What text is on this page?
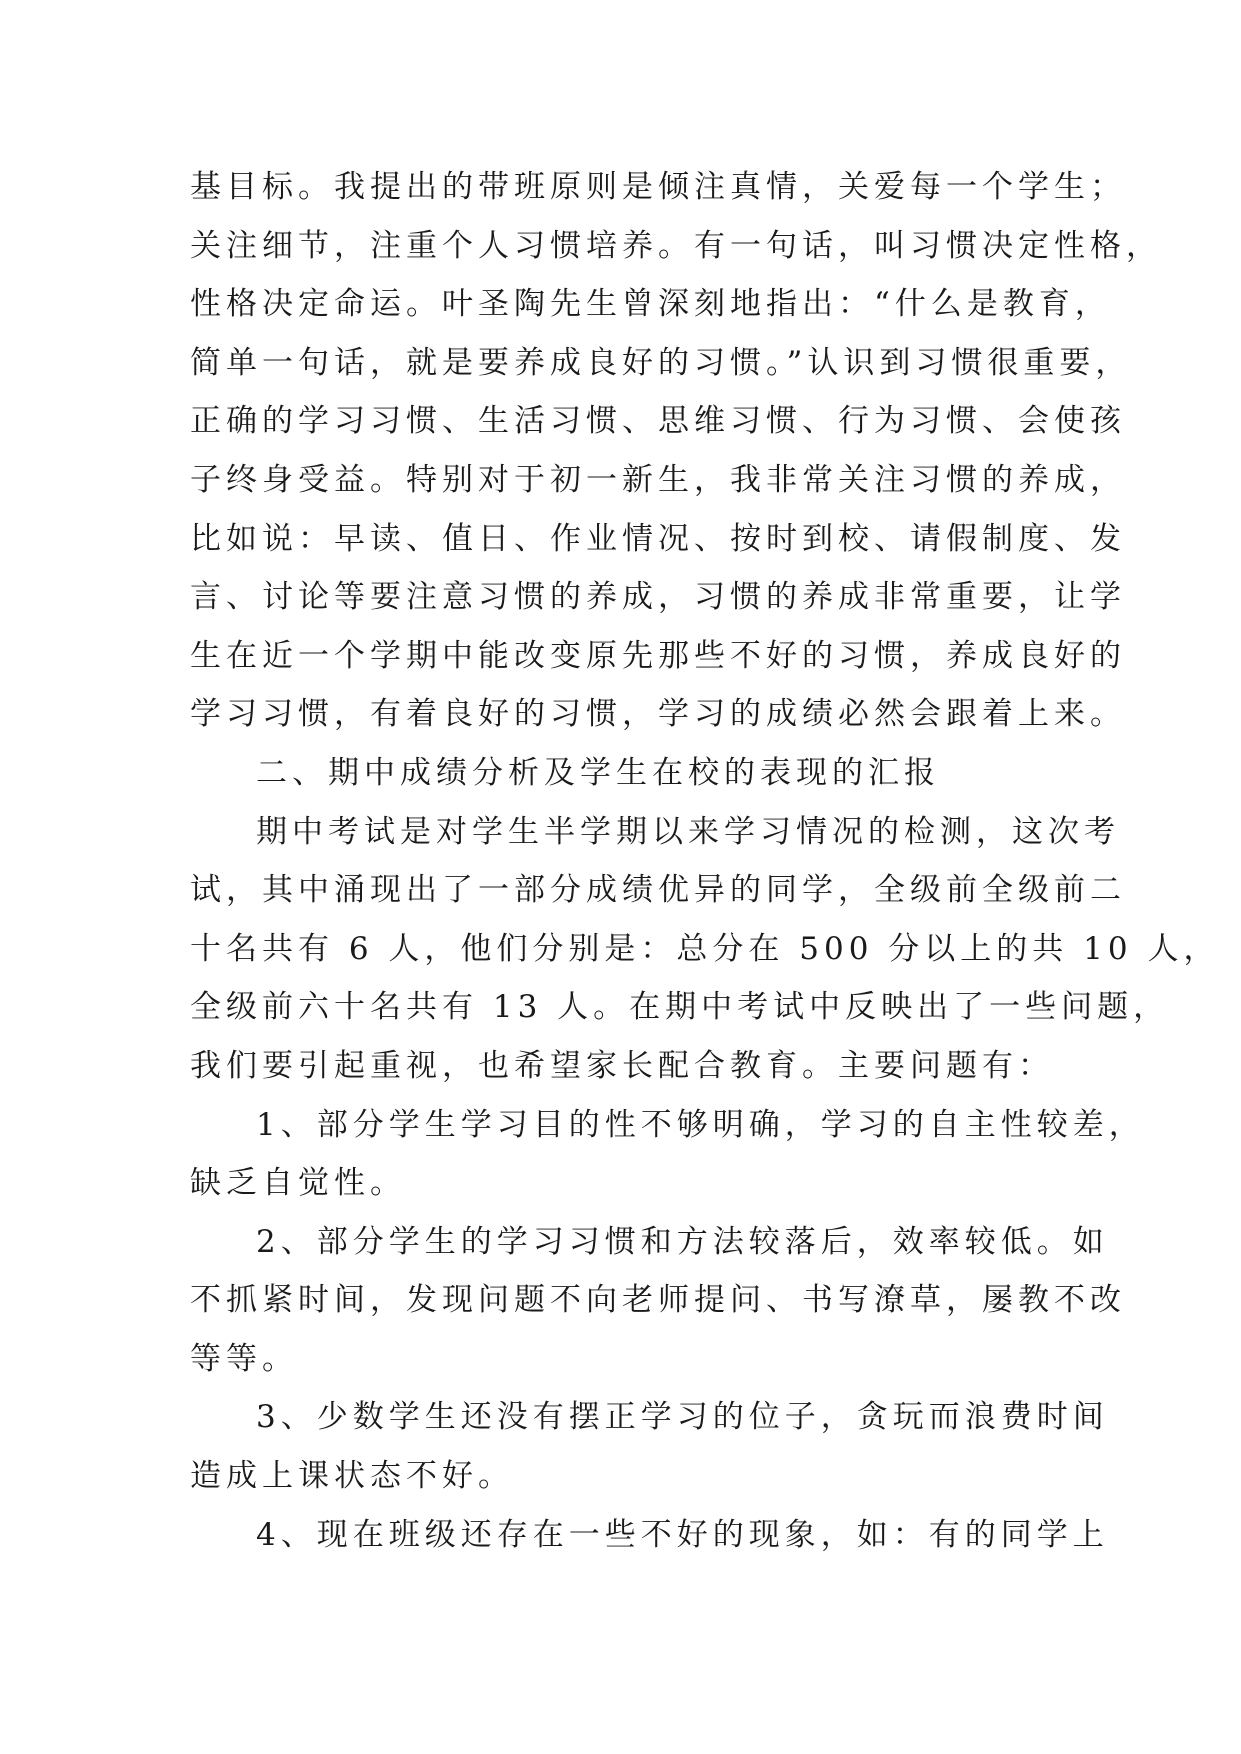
基目标。我提出的带班原则是倾注真情，关爱每一个学生；
关注细节，注重个人习惯培养。有一句话，叫习惯决定性格，
性格决定命运。叶圣陶先生曾深刻地指出：“什么是教育，
简单一句话，就是要养成良好的习惯。”认识到习惯很重要，
正确的学习习惯、生活习惯、思维习惯、行为习惯、会使孩
子终身受益。特别对于初一新生，我非常关注习惯的养成，
比如说：早读、值日、作业情况、按时到校、请假制度、发
言、讨论等要注意习惯的养成，习惯的养成非常重要，让学
生在近一个学期中能改变原先那些不好的习惯，养成良好的
学习习惯，有着良好的习惯，学习的成绩必然会跟着上来。
二、期中成绩分析及学生在校的表现的汇报
期中考试是对学生半学期以来学习情况的检测，这次考
试，其中涌现出了一部分成绩优异的同学，全级前全级前二
十名共有 6 人，他们分别是：总分在 500 分以上的共 10 人，
全级前六十名共有 13 人。在期中考试中反映出了一些问题，
我们要引起重视，也希望家长配合教育。主要问题有：
1、部分学生学习目的性不够明确，学习的自主性较差，
缺乏自觉性。
2、部分学生的学习习惯和方法较落后，效率较低。如
不抓紧时间，发现问题不向老师提问、书写潦草，屡教不改
等等。
3、少数学生还没有摆正学习的位子，贪玩而浪费时间
造成上课状态不好。
4、现在班级还存在一些不好的现象，如：有的同学上
